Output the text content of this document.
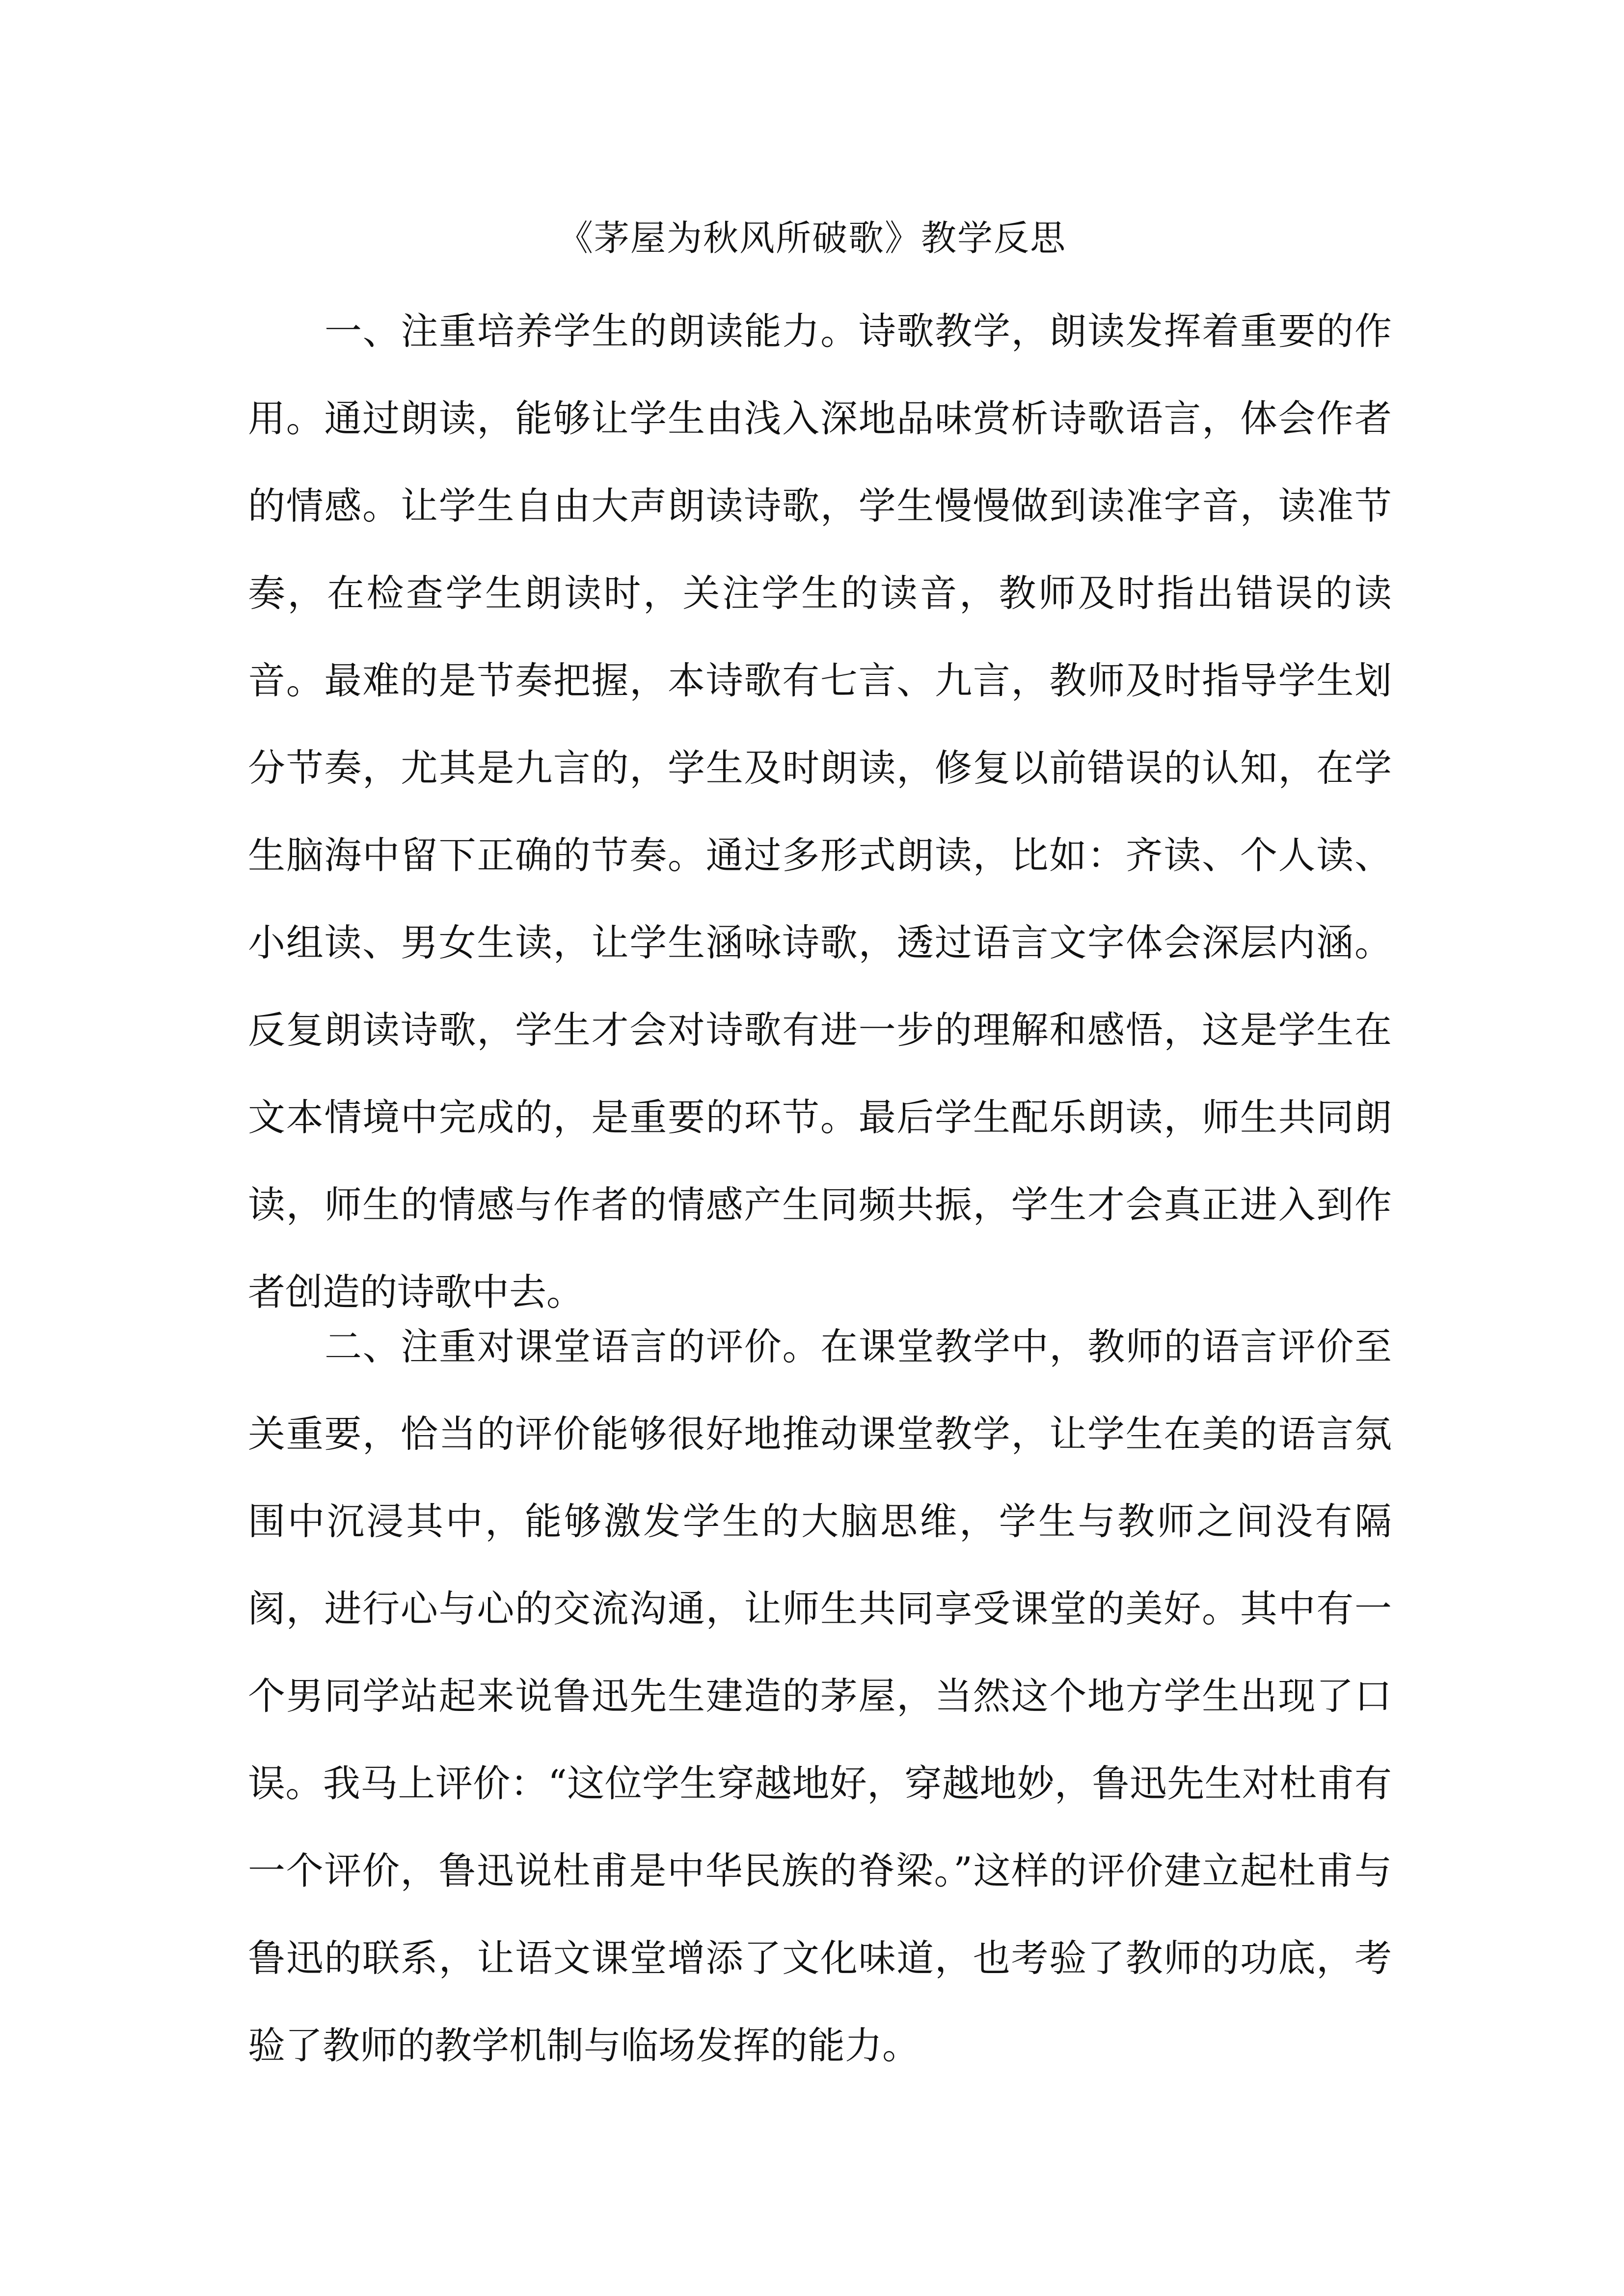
《茅屋为秋风所破歌》教学反思

一、注重培养学生的朗读能力。诗歌教学，朗读发挥着重要的作用。通过朗读，能够让学生由浅入深地品味赏析诗歌语言，体会作者的情感。让学生自由大声朗读诗歌，学生慢慢做到读准字音，读准节奏，在检查学生朗读时，关注学生的读音，教师及时指出错误的读音。最难的是节奏把握，本诗歌有七言、九言，教师及时指导学生划分节奏，尤其是九言的，学生及时朗读，修复以前错误的认知，在学生脑海中留下正确的节奏。通过多形式朗读，比如：齐读、个人读、小组读、男女生读，让学生涵咏诗歌，透过语言文字体会深层内涵。反复朗读诗歌，学生才会对诗歌有进一步的理解和感悟，这是学生在文本情境中完成的，是重要的环节。最后学生配乐朗读，师生共同朗读，师生的情感与作者的情感产生同频共振，学生才会真正进入到作者创造的诗歌中去。

二、注重对课堂语言的评价。在课堂教学中，教师的语言评价至关重要，恰当的评价能够很好地推动课堂教学，让学生在美的语言氛围中沉浸其中，能够激发学生的大脑思维，学生与教师之间没有隔阂，进行心与心的交流沟通，让师生共同享受课堂的美好。其中有一个男同学站起来说鲁迅先生建造的茅屋，当然这个地方学生出现了口误。我马上评价：“这位学生穿越地好，穿越地妙，鲁迅先生对杜甫有一个评价，鲁迅说杜甫是中华民族的脊梁。”这样的评价建立起杜甫与鲁迅的联系，让语文课堂增添了文化味道，也考验了教师的功底，考验了教师的教学机制与临场发挥的能力。
